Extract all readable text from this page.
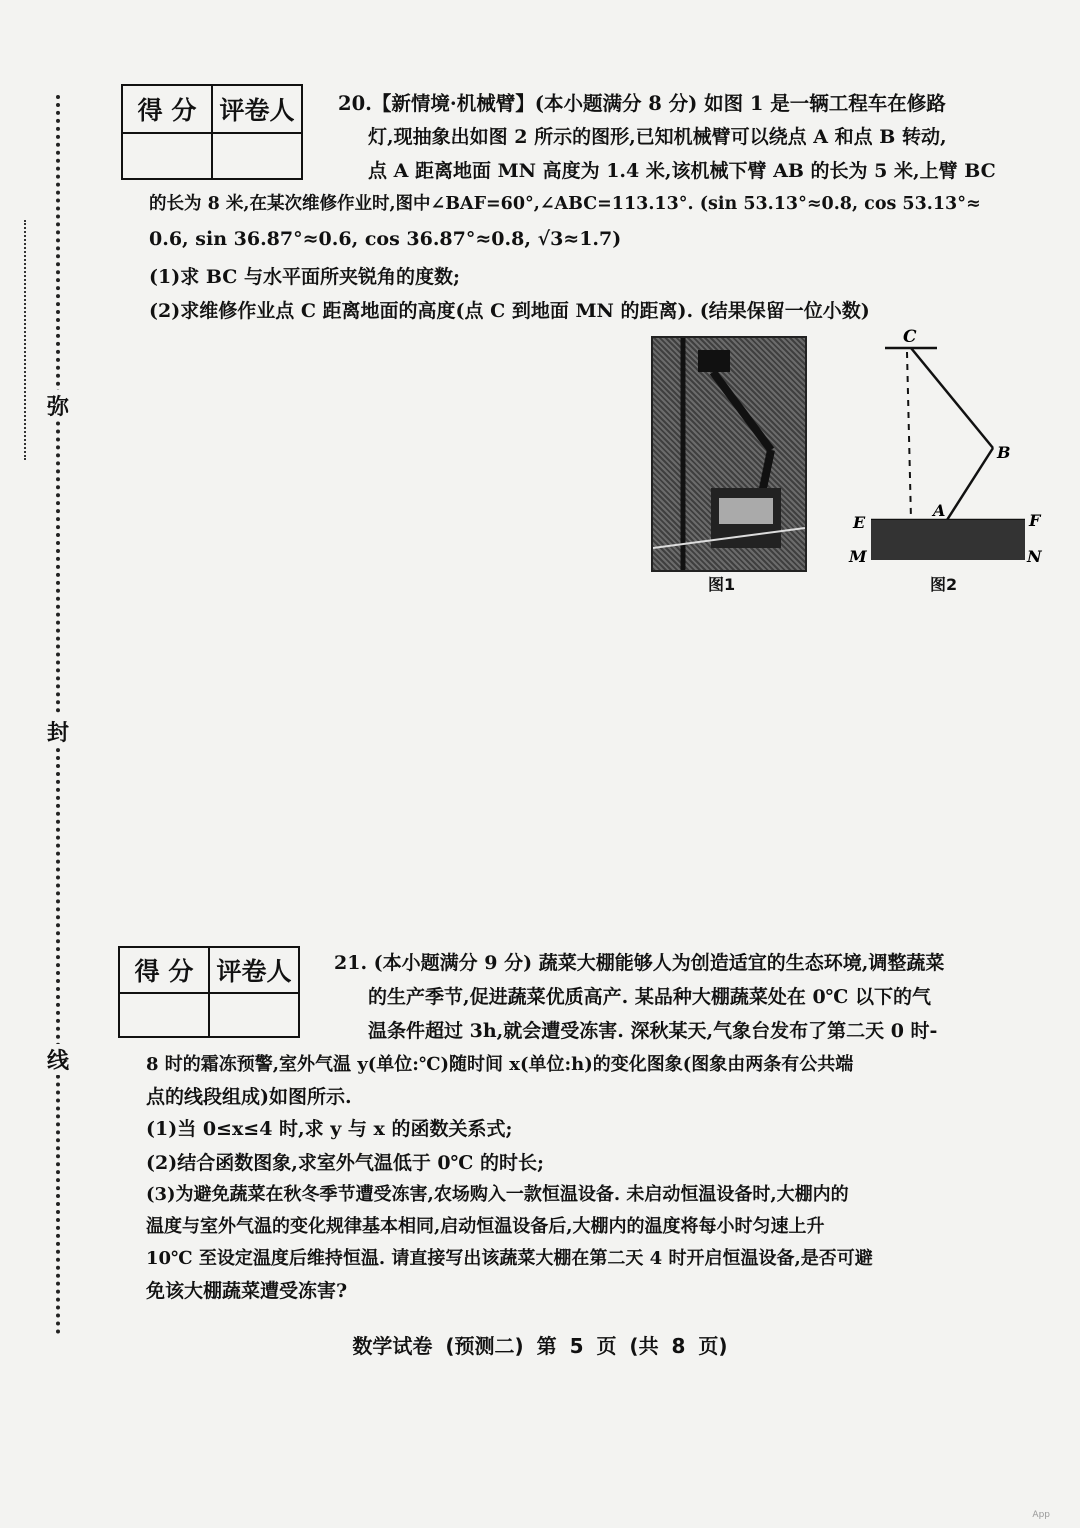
弥
封
线
得 分	评卷人
	20.【新情境·机械臂】(本小题满分 8 分) 如图 1 是一辆工程车在修路
灯,现抽象出如图 2 所示的图形,已知机械臂可以绕点 A 和点 B 转动,
点 A 距离地面 MN 高度为 1.4 米,该机械下臂 AB 的长为 5 米,上臂 BC
的长为 8 米,在某次维修作业时,图中∠BAF=60°,∠ABC=113.13°. (sin 53.13°≈0.8, cos 53.13°≈
0.6, sin 36.87°≈0.6, cos 36.87°≈0.8, √3≈1.7)
(1)求 BC 与水平面所夹锐角的度数;
(2)求维修作业点 C 距离地面的高度(点 C 到地面 MN 的距离). (结果保留一位小数)
图1
C
B
A
E	F
M	N
图2
得 分	评卷人
	21. (本小题满分 9 分) 蔬菜大棚能够人为创造适宜的生态环境,调整蔬菜
的生产季节,促进蔬菜优质高产. 某品种大棚蔬菜处在 0℃ 以下的气
温条件超过 3h,就会遭受冻害. 深秋某天,气象台发布了第二天 0 时-
8 时的霜冻预警,室外气温 y(单位:℃)随时间 x(单位:h)的变化图象(图象由两条有公共端
点的线段组成)如图所示.
(1)当 0≤x≤4 时,求 y 与 x 的函数关系式;
(2)结合函数图象,求室外气温低于 0℃ 的时长;
(3)为避免蔬菜在秋冬季节遭受冻害,农场购入一款恒温设备. 未启动恒温设备时,大棚内的
温度与室外气温的变化规律基本相同,启动恒温设备后,大棚内的温度将每小时匀速上升
10℃ 至设定温度后维持恒温. 请直接写出该蔬菜大棚在第二天 4 时开启恒温设备,是否可避
免该大棚蔬菜遭受冻害?
数学试卷 (预测二) 第 5 页 (共 8 页)
App
